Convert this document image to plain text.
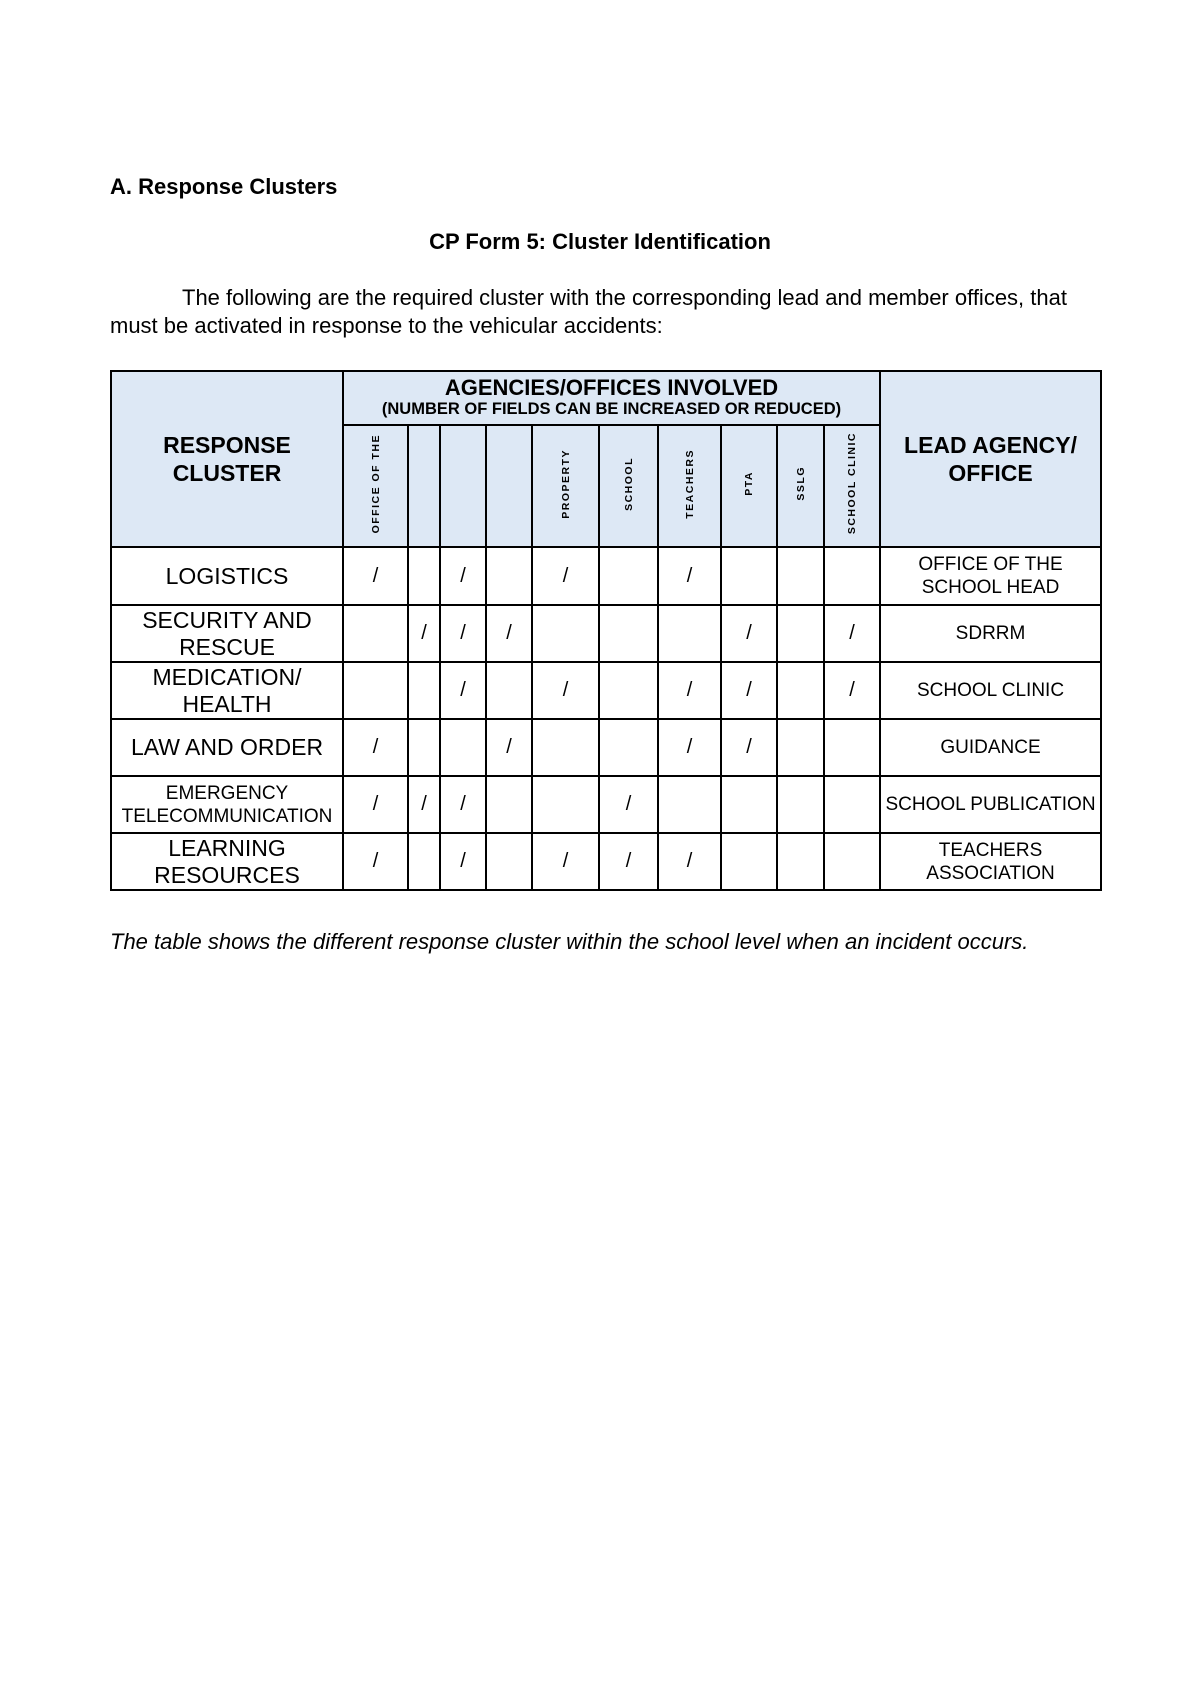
A. Response Clusters
CP Form 5: Cluster Identification

The following are the required cluster with the corresponding lead and member offices, that must be activated in response to the vehicular accidents:

RESPONSE CLUSTER	AGENCIES/OFFICES INVOLVED
(NUMBER OF FIELDS CAN BE INCREASED OR REDUCED)										LEAD AGENCY/ OFFICE
	OFFICE OF THE				PROPERTY	SCHOOL	TEACHERS	PTA	SSLG	SCHOOL CLINIC	
LOGISTICS	/		/		/		/				OFFICE OF THE SCHOOL HEAD
SECURITY AND RESCUE		/	/	/				/		/	SDRRM
MEDICATION/ HEALTH			/		/		/	/		/	SCHOOL CLINIC
LAW AND ORDER	/			/			/	/			GUIDANCE
EMERGENCY TELECOMMUNICATION	/	/	/			/					SCHOOL PUBLICATION
LEARNING RESOURCES	/		/		/	/	/				TEACHERS ASSOCIATION

The table shows the different response cluster within the school level when an incident occurs.
